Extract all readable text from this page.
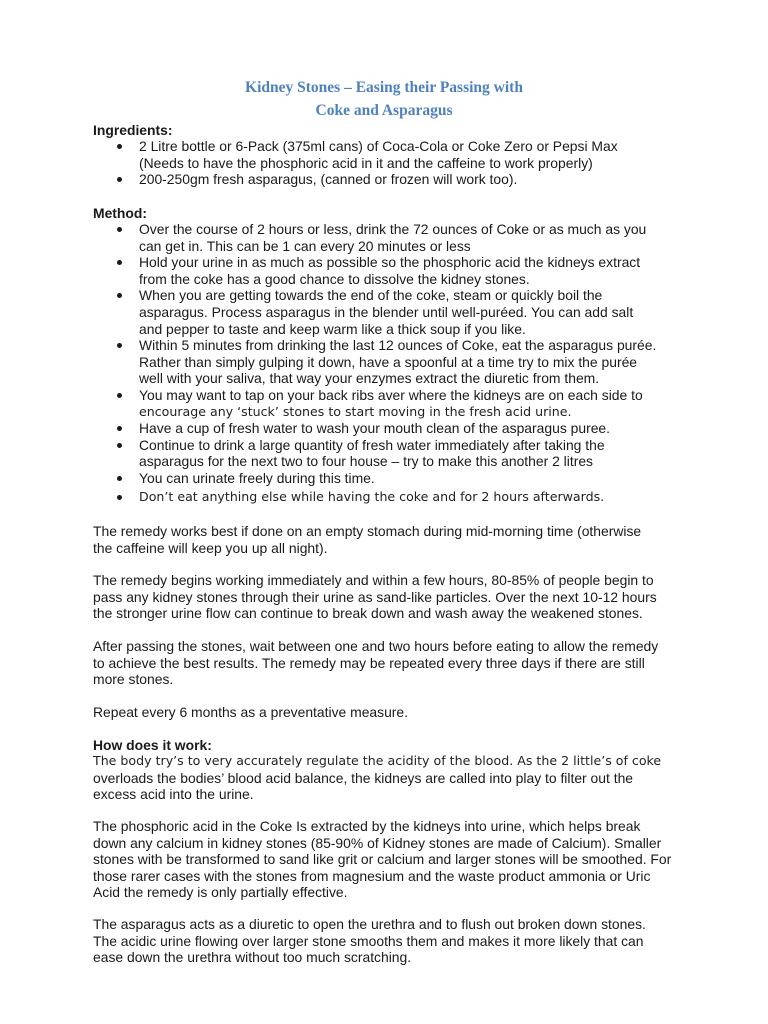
Kidney Stones – Easing their Passing with
Coke and Asparagus
Ingredients:
2 Litre bottle or 6-Pack (375ml cans) of Coca-Cola or Coke Zero or Pepsi Max
(Needs to have the phosphoric acid in it and the caffeine to work properly)
200-250gm fresh asparagus, (canned or frozen will work too).
Method:
Over the course of 2 hours or less, drink the 72 ounces of Coke or as much as you
can get in. This can be 1 can every 20 minutes or less
Hold your urine in as much as possible so the phosphoric acid the kidneys extract
from the coke has a good chance to dissolve the kidney stones.
When you are getting towards the end of the coke, steam or quickly boil the
asparagus. Process asparagus in the blender until well-puréed. You can add salt
and pepper to taste and keep warm like a thick soup if you like.
Within 5 minutes from drinking the last 12 ounces of Coke, eat the asparagus purée.
Rather than simply gulping it down, have a spoonful at a time try to mix the purée
well with your saliva, that way your enzymes extract the diuretic from them.
You may want to tap on your back ribs aver where the kidneys are on each side to
encourage any ‘stuck’ stones to start moving in the fresh acid urine.
Have a cup of fresh water to wash your mouth clean of the asparagus puree.
Continue to drink a large quantity of fresh water immediately after taking the
asparagus for the next two to four house – try to make this another 2 litres
You can urinate freely during this time.
Don’t eat anything else while having the coke and for 2 hours afterwards.
The remedy works best if done on an empty stomach during mid-morning time (otherwise
the caffeine will keep you up all night).
The remedy begins working immediately and within a few hours, 80-85% of people begin to
pass any kidney stones through their urine as sand-like particles. Over the next 10-12 hours
the stronger urine flow can continue to break down and wash away the weakened stones.
After passing the stones, wait between one and two hours before eating to allow the remedy
to achieve the best results. The remedy may be repeated every three days if there are still
more stones.
Repeat every 6 months as a preventative measure.
How does it work:
The body try’s to very accurately regulate the acidity of the blood. As the 2 little’s of coke
overloads the bodies’ blood acid balance, the kidneys are called into play to filter out the
excess acid into the urine.
The phosphoric acid in the Coke Is extracted by the kidneys into urine, which helps break
down any calcium in kidney stones (85-90% of Kidney stones are made of Calcium). Smaller
stones with be transformed to sand like grit or calcium and larger stones will be smoothed. For
those rarer cases with the stones from magnesium and the waste product ammonia or Uric
Acid the remedy is only partially effective.
The asparagus acts as a diuretic to open the urethra and to flush out broken down stones.
The acidic urine flowing over larger stone smooths them and makes it more likely that can
ease down the urethra without too much scratching.
